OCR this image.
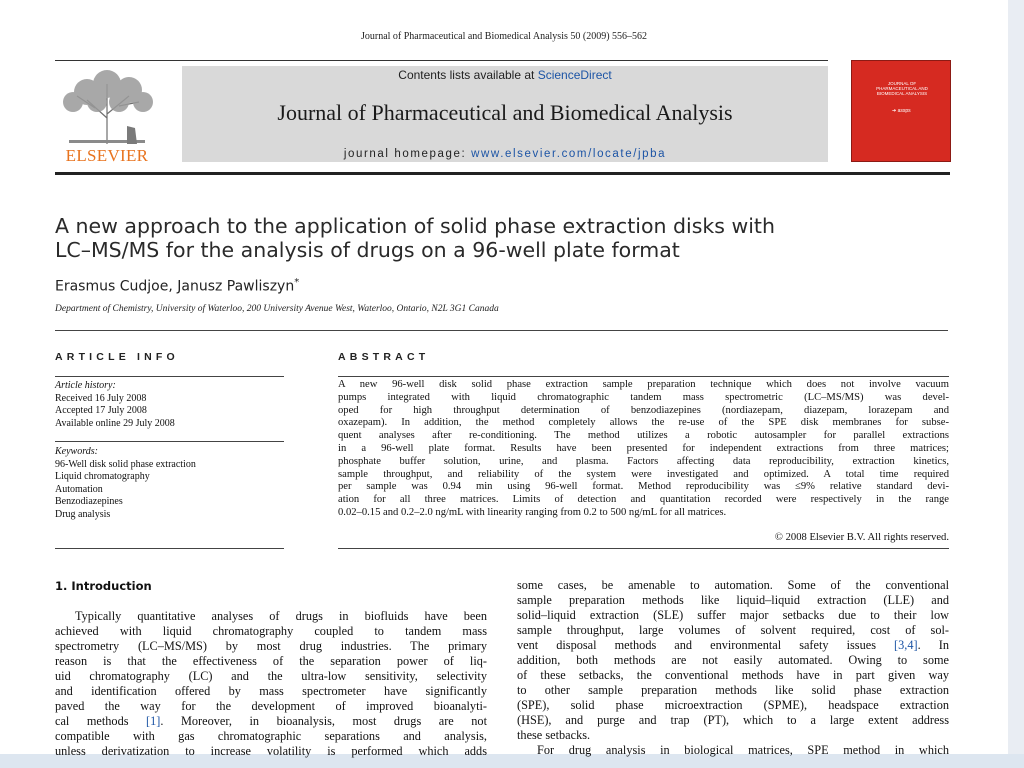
Journal of Pharmaceutical and Biomedical Analysis 50 (2009) 556–562
ELSEVIER
Contents lists available at ScienceDirect
Journal of Pharmaceutical and Biomedical Analysis
journal homepage: www.elsevier.com/locate/jpba
JOURNAL OF PHARMACEUTICAL AND BIOMEDICAL ANALYSIS
➔ assps
A new approach to the application of solid phase extraction disks with
LC–MS/MS for the analysis of drugs on a 96-well plate format
Erasmus Cudjoe, Janusz Pawliszyn*
Department of Chemistry, University of Waterloo, 200 University Avenue West, Waterloo, Ontario, N2L 3G1 Canada
ARTICLE INFO	ABSTRACT
Article history:
Received 16 July 2008
Accepted 17 July 2008
Available online 29 July 2008
Keywords:
96-Well disk solid phase extraction
Liquid chromatography
Automation
Benzodiazepines
Drug analysis
A new 96-well disk solid phase extraction sample preparation technique which does not involve vacuum
pumps integrated with liquid chromatographic tandem mass spectrometric (LC–MS/MS) was devel-
oped for high throughput determination of benzodiazepines (nordiazepam, diazepam, lorazepam and
oxazepam). In addition, the method completely allows the re-use of the SPE disk membranes for subse-
quent analyses after re-conditioning. The method utilizes a robotic autosampler for parallel extractions
in a 96-well plate format. Results have been presented for independent extractions from three matrices;
phosphate buffer solution, urine, and plasma. Factors affecting data reproducibility, extraction kinetics,
sample throughput, and reliability of the system were investigated and optimized. A total time required
per sample was 0.94 min using 96-well format. Method reproducibility was ≤9% relative standard devi-
ation for all three matrices. Limits of detection and quantitation recorded were respectively in the range
0.02–0.15 and 0.2–2.0 ng/mL with linearity ranging from 0.2 to 500 ng/mL for all matrices.
© 2008 Elsevier B.V. All rights reserved.
1. Introduction
Typically quantitative analyses of drugs in biofluids have been
achieved with liquid chromatography coupled to tandem mass
spectrometry (LC–MS/MS) by most drug industries. The primary
reason is that the effectiveness of the separation power of liq-
uid chromatography (LC) and the ultra-low sensitivity, selectivity
and identification offered by mass spectrometer have significantly
paved the way for the development of improved bioanalyti-
cal methods [1]. Moreover, in bioanalysis, most drugs are not
compatible with gas chromatographic separations and analysis,
unless derivatization to increase volatility is performed which adds
some cases, be amenable to automation. Some of the conventional
sample preparation methods like liquid–liquid extraction (LLE) and
solid–liquid extraction (SLE) suffer major setbacks due to their low
sample throughput, large volumes of solvent required, cost of sol-
vent disposal methods and environmental safety issues [3,4]. In
addition, both methods are not easily automated. Owing to some
of these setbacks, the conventional methods have in part given way
to other sample preparation methods like solid phase extraction
(SPE), solid phase microextraction (SPME), headspace extraction
(HSE), and purge and trap (PT), which to a large extent address
these setbacks.
For drug analysis in biological matrices, SPE method in which
